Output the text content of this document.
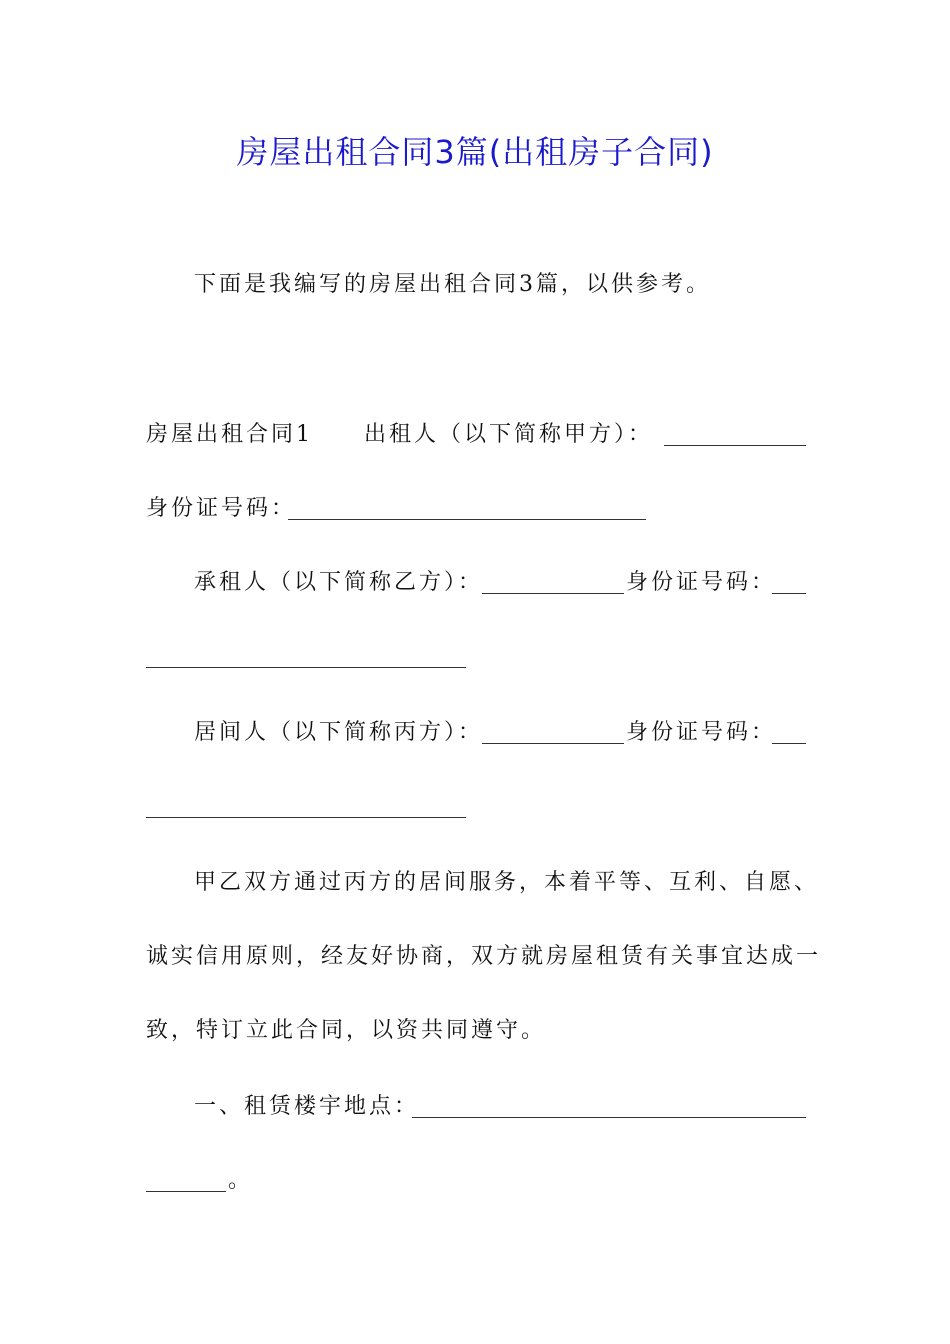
房屋出租合同3篇(出租房子合同)
下面是我编写的房屋出租合同3篇，以供参考。
房屋出租合同1	出租人（以下简称甲方）：
身份证号码：
承租人（以下简称乙方）：	身份证号码：
居间人（以下简称丙方）：	身份证号码：
甲乙双方通过丙方的居间服务，本着平等、互利、自愿、
诚实信用原则，经友好协商，双方就房屋租赁有关事宜达成一
致，特订立此合同，以资共同遵守。
一、租赁楼宇地点：
。
